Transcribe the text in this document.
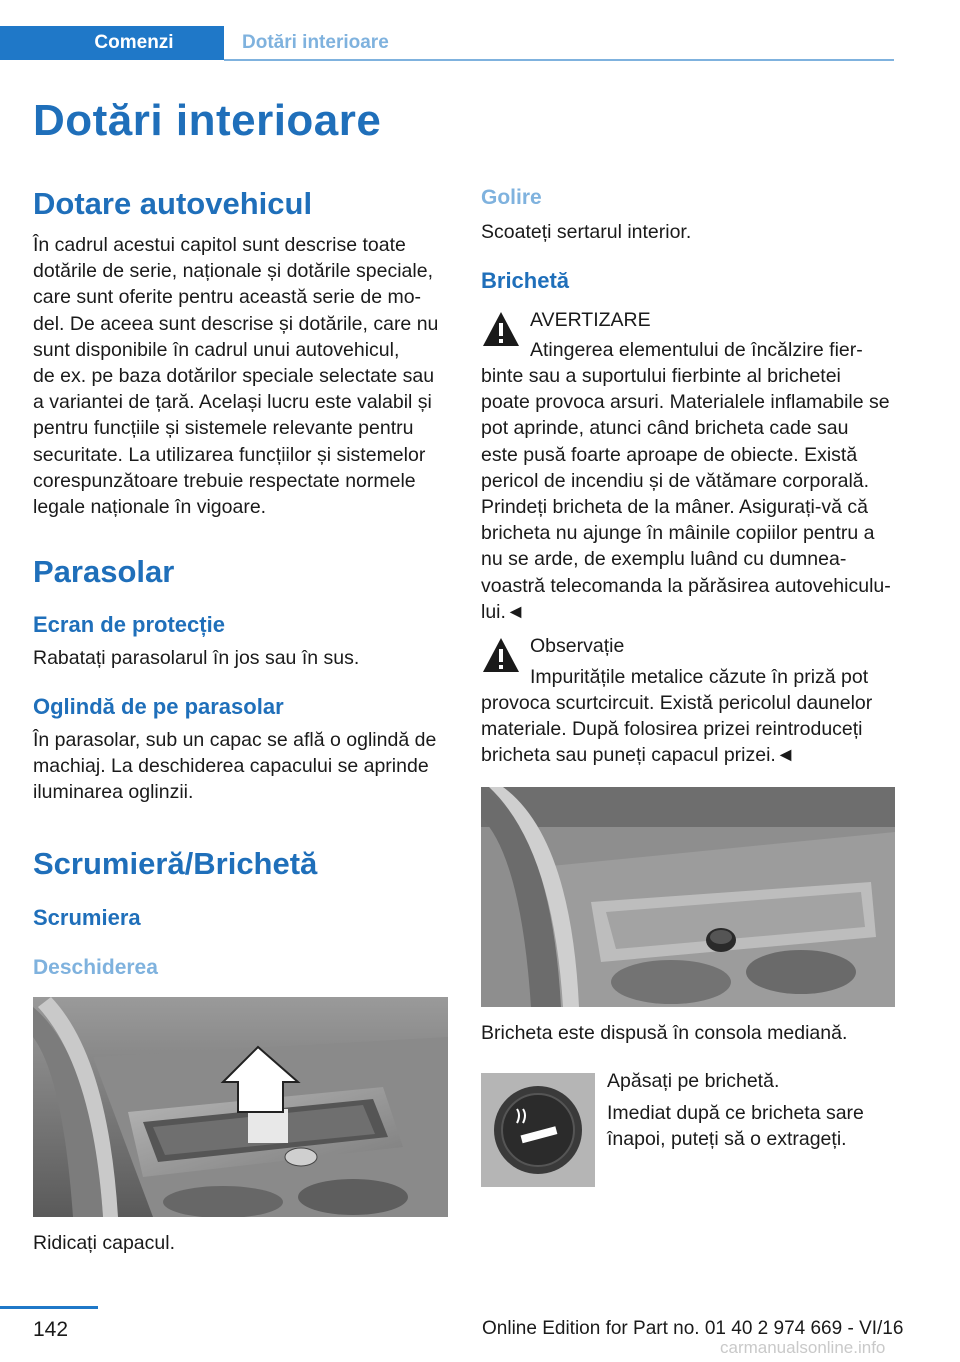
Comenzi	Dotări interioare
Dotări interioare
Dotare autovehicul
În cadrul acestui capitol sunt descrise toate
dotările de serie, naționale și dotările speciale,
care sunt oferite pentru această serie de mo‐
del. De aceea sunt descrise și dotările, care nu
sunt disponibile în cadrul unui autovehicul,
de ex. pe baza dotărilor speciale selectate sau
a variantei de țară. Același lucru este valabil și
pentru funcțiile și sistemele relevante pentru
securitate. La utilizarea funcțiilor și sistemelor
corespunzătoare trebuie respectate normele
legale naționale în vigoare.
Parasolar
Ecran de protecție
Rabatați parasolarul în jos sau în sus.
Oglindă de pe parasolar
În parasolar, sub un capac se află o oglindă de
machiaj. La deschiderea capacului se aprinde
iluminarea oglinzii.
Scrumieră/Brichetă
Scrumiera
Deschiderea
Ridicați capacul.
Golire
Scoateți sertarul interior.
Brichetă
AVERTIZARE
Atingerea elementului de încălzire fier‐
binte sau a suportului fierbinte al brichetei
poate provoca arsuri. Materialele inflamabile se
pot aprinde, atunci când bricheta cade sau
este pusă foarte aproape de obiecte. Există
pericol de incendiu și de vătămare corporală.
Prindeți bricheta de la mâner. Asigurați-vă că
bricheta nu ajunge în mâinile copiilor pentru a
nu se arde, de exemplu luând cu dumnea‐
voastră telecomanda la părăsirea autovehiculu‐
lui.◄
Observație
Impuritățile metalice căzute în priză pot
provoca scurtcircuit. Există pericolul daunelor
materiale. După folosirea prizei reintroduceți
bricheta sau puneți capacul prizei.◄
Bricheta este dispusă în consola mediană.
Apăsați pe brichetă.
Imediat după ce bricheta sare
înapoi, puteți să o extrageți.
142	Online Edition for Part no. 01 40 2 974 669 - VI/16
carmanualsonline.info
